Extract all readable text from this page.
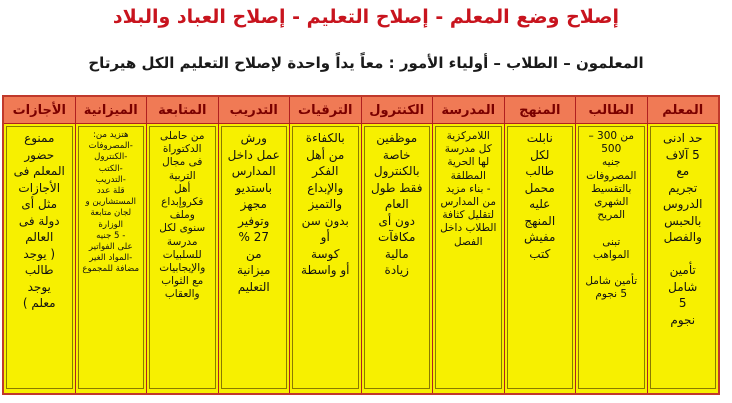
إصلاح وضع المعلم - إصلاح التعليم - إصلاح العباد والبلاد
المعلمون – الطلاب – أولياء الأمور : معاً يداً واحدة لإصلاح التعليم الكل هيرتاح
المعلم
حد ادنى
5 آلاف
مع
تجريم
الدروس
بالحبس
والفصل

تأمين
شامل
5
نجوم
الطالب
من 300 –
500
جنيه
المصروفات
بالتقسيط
الشهرى
المريح

تبنى
المواهب

تأمين شامل
5 نجوم
المنهج
نابلت
لكل
طالب
محمل
عليه
المنهج
مفيش
كتب
المدرسة
اللامركزية
كل مدرسة
لها الحرية
المطلقة
- بناء مزيد
من المدارس
لتقليل كثافة
الطلاب داخل
الفصل
الكنترول
موظفين
خاصة
بالكنترول
فقط طول
العام
دون أى
مكافآت
مالية
زيادة
الترقيات
بالكفاءة
من أهل
الفكر
والإبداع
والتميز
بدون سن
أو
كوسة
أو واسطة
التدريب
ورش
عمل داخل
المدارس
باستديو
مجهز
وتوفير
27 %
من
ميزانية
التعليم
المتابعة
من حاملى
الدكتوراة
فى مجال
التربية
أهل
فكروإبداع
وملف
سنوى لكل
مدرسة
للسلبيات
والإيجابيات
مع الثواب
والعقاب
الميزانية
هتزيد من:
-المصروفات
-الكنترول
-الكتب
-التدريب
قلة عدد
المستشارين و
لجان متابعة
الوزارة
- 5 جنيه
على الفواتير
-المواد الغير
مضافة للمجموع
الأجازات
ممنوع
حضور
المعلم فى
الأجازات
مثل أى
دولة فى
العالم
( يوجد
طالب
يوجد
معلم )
